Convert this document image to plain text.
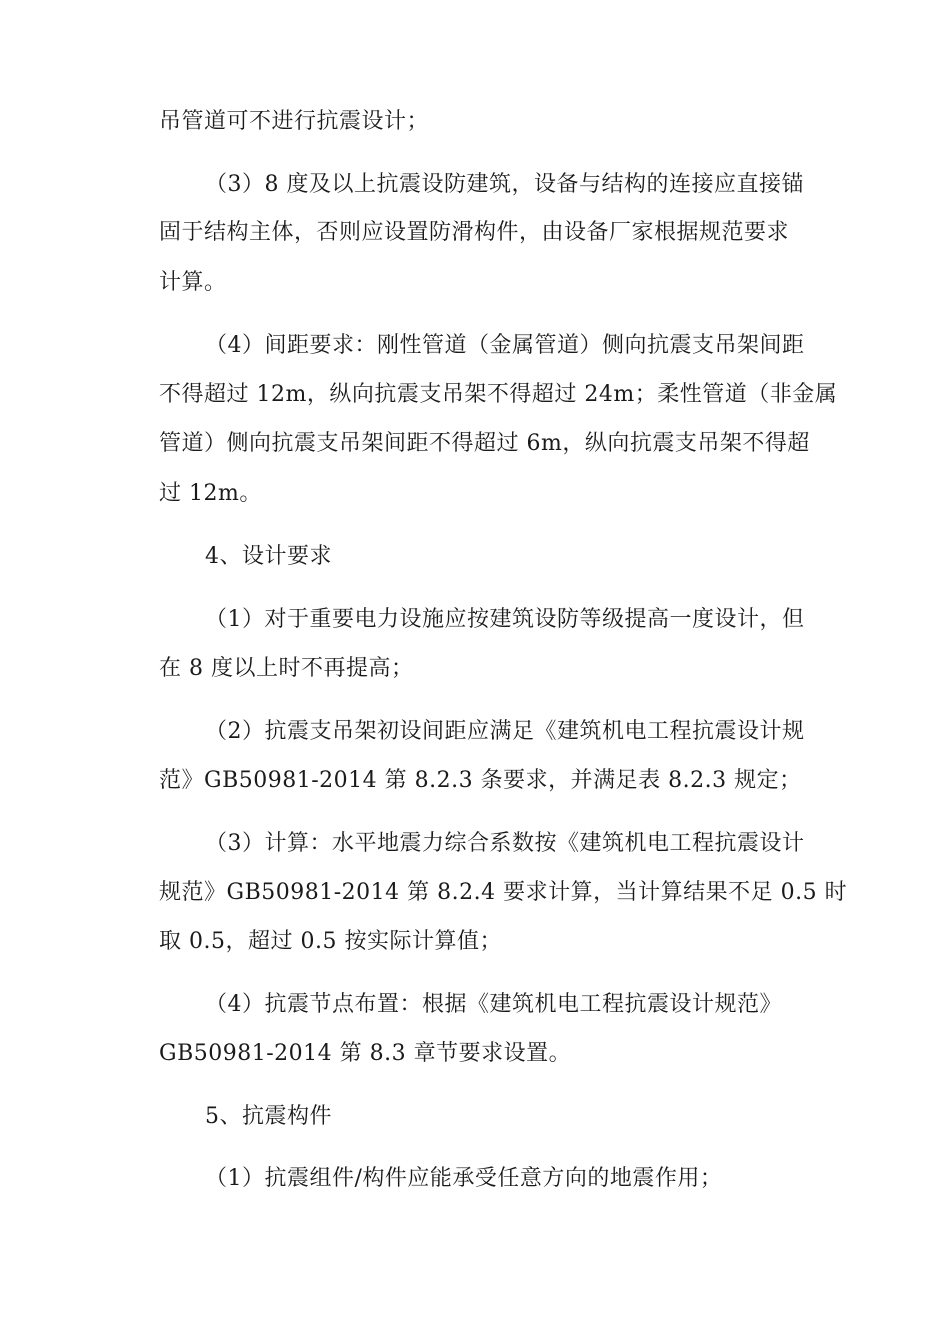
吊管道可不进行抗震设计；
（3）8 度及以上抗震设防建筑，设备与结构的连接应直接锚
固于结构主体，否则应设置防滑构件，由设备厂家根据规范要求
计算。
（4）间距要求：刚性管道（金属管道）侧向抗震支吊架间距
不得超过 12m，纵向抗震支吊架不得超过 24m；柔性管道（非金属
管道）侧向抗震支吊架间距不得超过 6m，纵向抗震支吊架不得超
过 12m。
4、设计要求
（1）对于重要电力设施应按建筑设防等级提高一度设计，但
在 8 度以上时不再提高；
（2）抗震支吊架初设间距应满足《建筑机电工程抗震设计规
范》GB50981-2014 第 8.2.3 条要求，并满足表 8.2.3 规定；
（3）计算：水平地震力综合系数按《建筑机电工程抗震设计
规范》GB50981-2014 第 8.2.4 要求计算，当计算结果不足 0.5 时
取 0.5，超过 0.5 按实际计算值；
（4）抗震节点布置：根据《建筑机电工程抗震设计规范》
GB50981-2014 第 8.3 章节要求设置。
5、抗震构件
（1）抗震组件/构件应能承受任意方向的地震作用；
